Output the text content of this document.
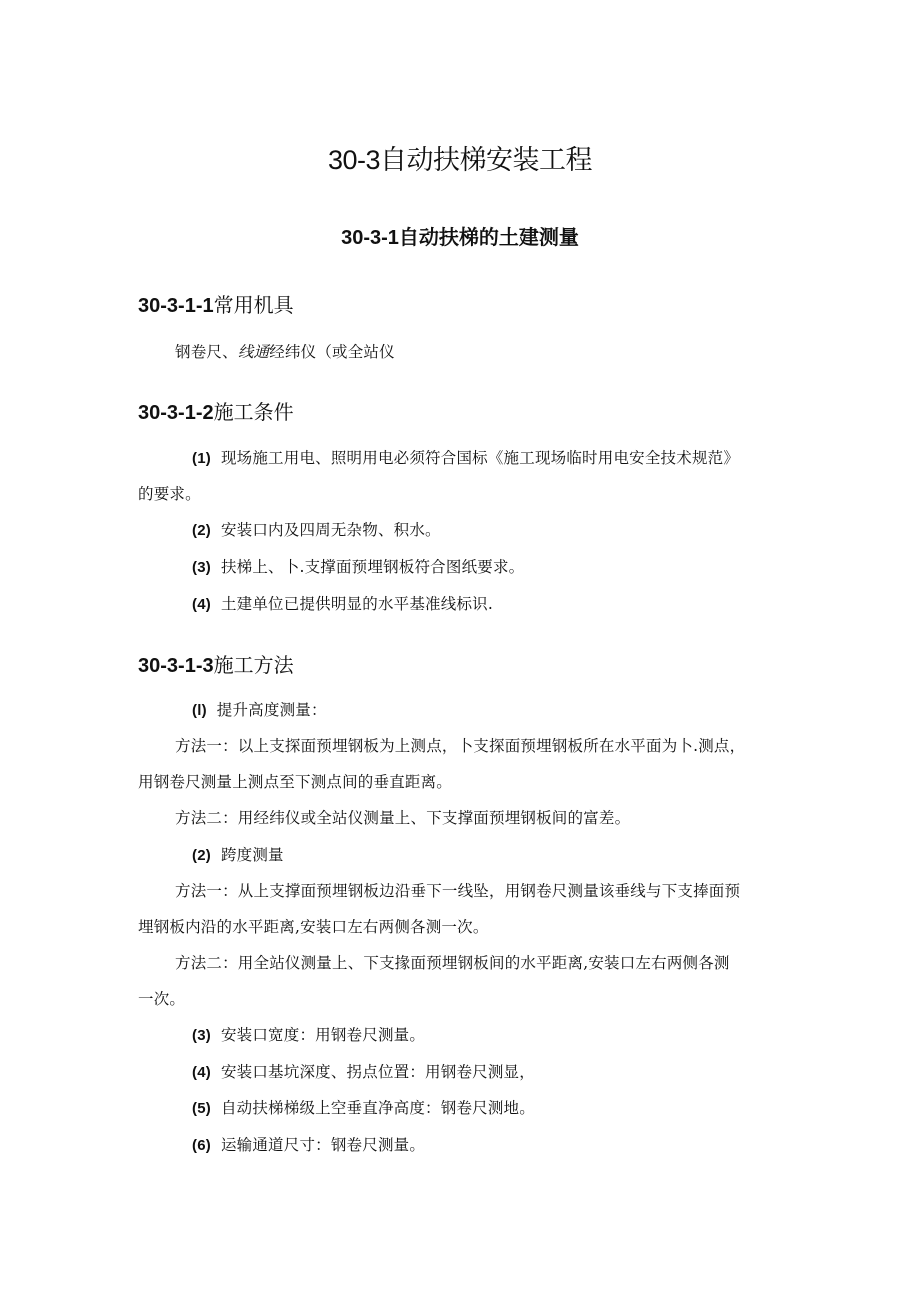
30-3自动扶梯安装工程
30-3-1自动扶梯的土建测量
30-3-1-1常用机具
钢卷尺、线通经纬仪（或全站仪
30-3-1-2施工条件
(1) 现场施工用电、照明用电必须符合国标《施工现场临时用电安全技术规范》
的要求。
(2) 安装口内及四周无杂物、积水。
(3) 扶梯上、卜.支撑面预埋钢板符合图纸要求。
(4) 土建单位已提供明显的水平基准线标识.
30-3-1-3施工方法
(l) 提升高度测量：
方法一：以上支探面预埋钢板为上测点，卜支探面预埋钢板所在水平面为卜.测点，
用钢卷尺测量上测点至下测点间的垂直距离。
方法二：用经纬仪或全站仪测量上、下支撑面预埋钢板间的富差。
(2) 跨度测量
方法一：从上支撑面预埋钢板边沿垂下一线坠，用钢卷尺测量该垂线与下支捧面预
埋钢板内沿的水平距离,安装口左右两侧各测一次。
方法二：用全站仪测量上、下支掾面预埋钢板间的水平距离,安装口左右两侧各测
一次。
(3) 安装口宽度：用钢卷尺测量。
(4) 安装口基坑深度、拐点位置：用钢卷尺测显，
(5) 自动扶梯梯级上空垂直净高度：钢卷尺测地。
(6) 运输通道尺寸：钢卷尺测量。
